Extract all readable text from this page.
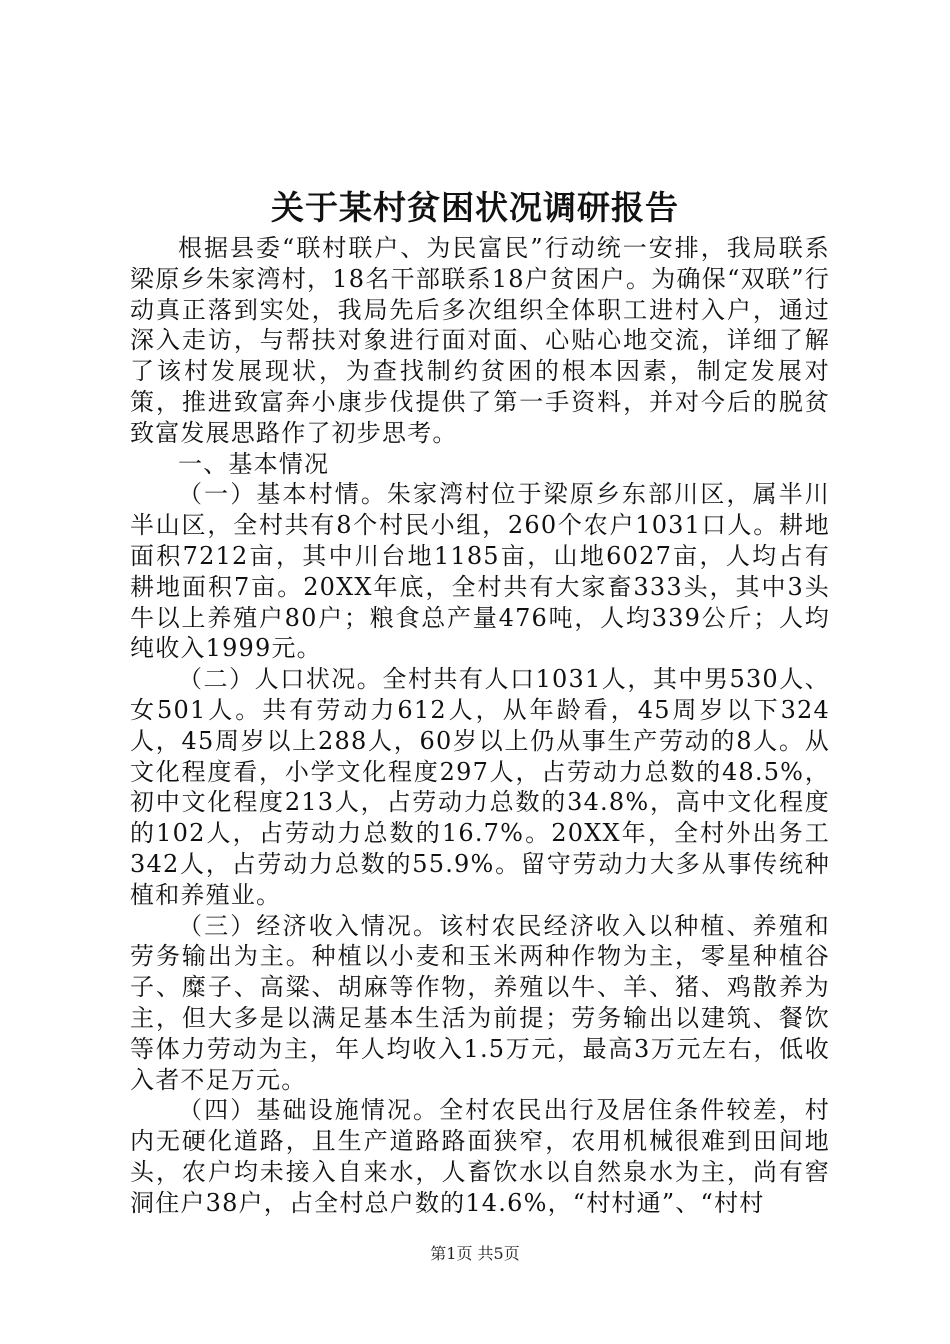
关于某村贫困状况调研报告

根据县委“联村联户、为民富民”行动统一安排，我局联系梁原乡朱家湾村，18名干部联系18户贫困户。为确保“双联”行动真正落到实处，我局先后多次组织全体职工进村入户，通过深入走访，与帮扶对象进行面对面、心贴心地交流，详细了解了该村发展现状，为查找制约贫困的根本因素，制定发展对策，推进致富奔小康步伐提供了第一手资料，并对今后的脱贫致富发展思路作了初步思考。

一、基本情况

（一）基本村情。朱家湾村位于梁原乡东部川区，属半川半山区，全村共有8个村民小组，260个农户1031口人。耕地面积7212亩，其中川台地1185亩，山地6027亩，人均占有耕地面积7亩。20XX年底，全村共有大家畜333头，其中3头牛以上养殖户80户；粮食总产量476吨，人均339公斤；人均纯收入1999元。

（二）人口状况。全村共有人口1031人，其中男530人、女501人。共有劳动力612人，从年龄看，45周岁以下324人，45周岁以上288人，60岁以上仍从事生产劳动的8人。从文化程度看，小学文化程度297人，占劳动力总数的48.5%，初中文化程度213人，占劳动力总数的34.8%，高中文化程度的102人，占劳动力总数的16.7%。20XX年，全村外出务工342人，占劳动力总数的55.9%。留守劳动力大多从事传统种植和养殖业。

（三）经济收入情况。该村农民经济收入以种植、养殖和劳务输出为主。种植以小麦和玉米两种作物为主，零星种植谷子、糜子、高粱、胡麻等作物，养殖以牛、羊、猪、鸡散养为主，但大多是以满足基本生活为前提；劳务输出以建筑、餐饮等体力劳动为主，年人均收入1.5万元，最高3万元左右，低收入者不足万元。

（四）基础设施情况。全村农民出行及居住条件较差，村内无硬化道路，且生产道路路面狭窄，农用机械很难到田间地头，农户均未接入自来水，人畜饮水以自然泉水为主，尚有窖洞住户38户，占全村总户数的14.6%，“村村通”、“村村

第1页 共5页
